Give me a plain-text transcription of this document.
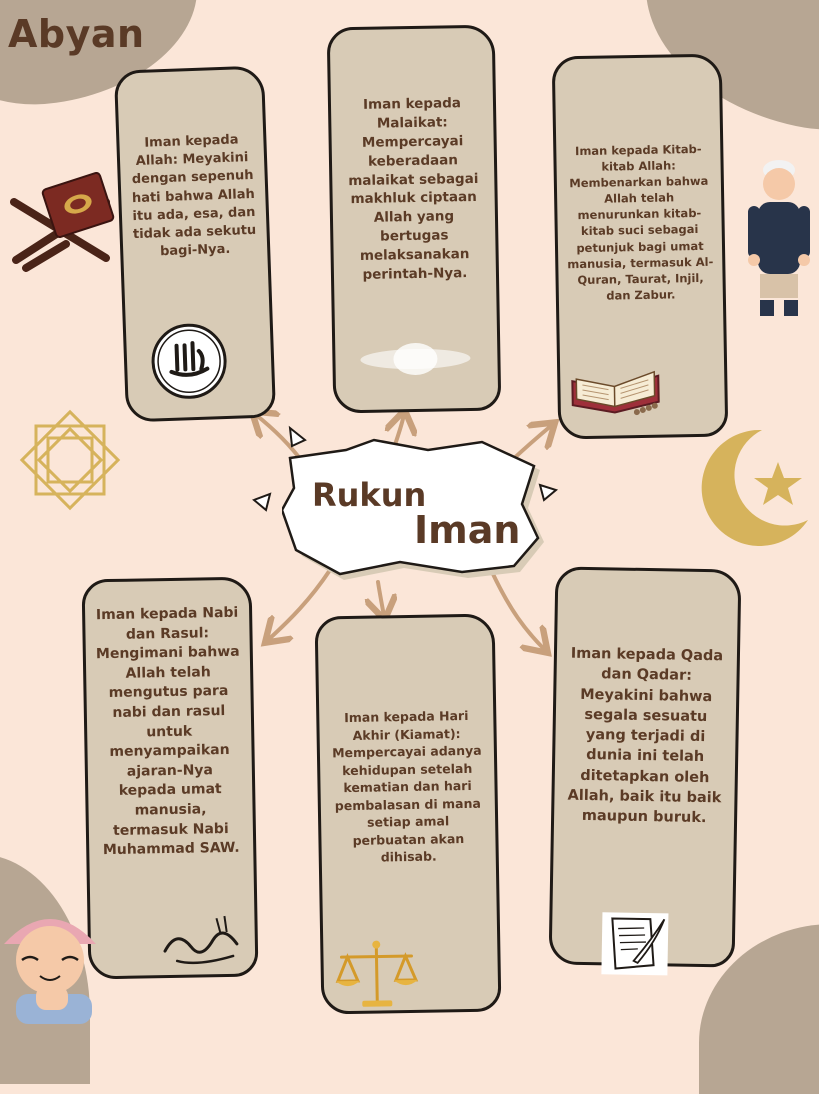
Abyan

Iman kepada Allah: Meyakini dengan sepenuh hati bahwa Allah itu ada, esa, dan tidak ada sekutu bagi-Nya.

Iman kepada Malaikat: Mempercayai keberadaan malaikat sebagai makhluk ciptaan Allah yang bertugas melaksanakan perintah-Nya.

Iman kepada Kitab-kitab Allah: Membenarkan bahwa Allah telah menurunkan kitab-kitab suci sebagai petunjuk bagi umat manusia, termasuk Al-Quran, Taurat, Injil, dan Zabur.

Iman kepada Nabi dan Rasul: Mengimani bahwa Allah telah mengutus para nabi dan rasul untuk menyampaikan ajaran-Nya kepada umat manusia, termasuk Nabi Muhammad SAW.

Iman kepada Hari Akhir (Kiamat): Mempercayai adanya kehidupan setelah kematian dan hari pembalasan di mana setiap amal perbuatan akan dihisab.

Iman kepada Qada dan Qadar: Meyakini bahwa segala sesuatu yang terjadi di dunia ini telah ditetapkan oleh Allah, baik itu baik maupun buruk.

Rukun
Iman
